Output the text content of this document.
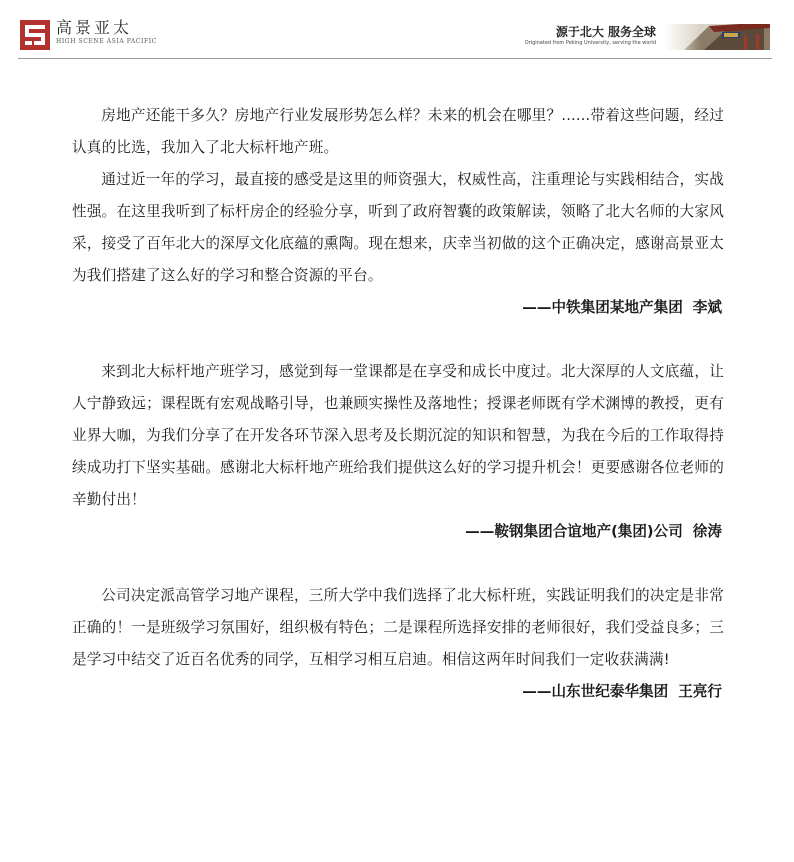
高景亚太
HIGH SCENE ASIA PACIFIC
源于北大 服务全球
Originated from Peking University, serving the world

房地产还能干多久？房地产行业发展形势怎么样？未来的机会在哪里？......带着这些问题，经过认真的比选，我加入了北大标杆地产班。

通过近一年的学习，最直接的感受是这里的师资强大，权威性高，注重理论与实践相结合，实战性强。在这里我听到了标杆房企的经验分享，听到了政府智囊的政策解读，领略了北大名师的大家风采，接受了百年北大的深厚文化底蕴的熏陶。现在想来，庆幸当初做的这个正确决定，感谢高景亚太为我们搭建了这么好的学习和整合资源的平台。

——中铁集团某地产集团 李斌

来到北大标杆地产班学习，感觉到每一堂课都是在享受和成长中度过。北大深厚的人文底蕴，让人宁静致远；课程既有宏观战略引导，也兼顾实操性及落地性；授课老师既有学术渊博的教授，更有业界大咖，为我们分享了在开发各环节深入思考及长期沉淀的知识和智慧，为我在今后的工作取得持续成功打下坚实基础。感谢北大标杆地产班给我们提供这么好的学习提升机会！更要感谢各位老师的辛勤付出！

——鞍钢集团合谊地产(集团)公司 徐涛

公司决定派高管学习地产课程，三所大学中我们选择了北大标杆班，实践证明我们的决定是非常正确的！一是班级学习氛围好，组织极有特色；二是课程所选择安排的老师很好，我们受益良多；三是学习中结交了近百名优秀的同学，互相学习相互启迪。相信这两年时间我们一定收获满满!

——山东世纪泰华集团 王亮行
